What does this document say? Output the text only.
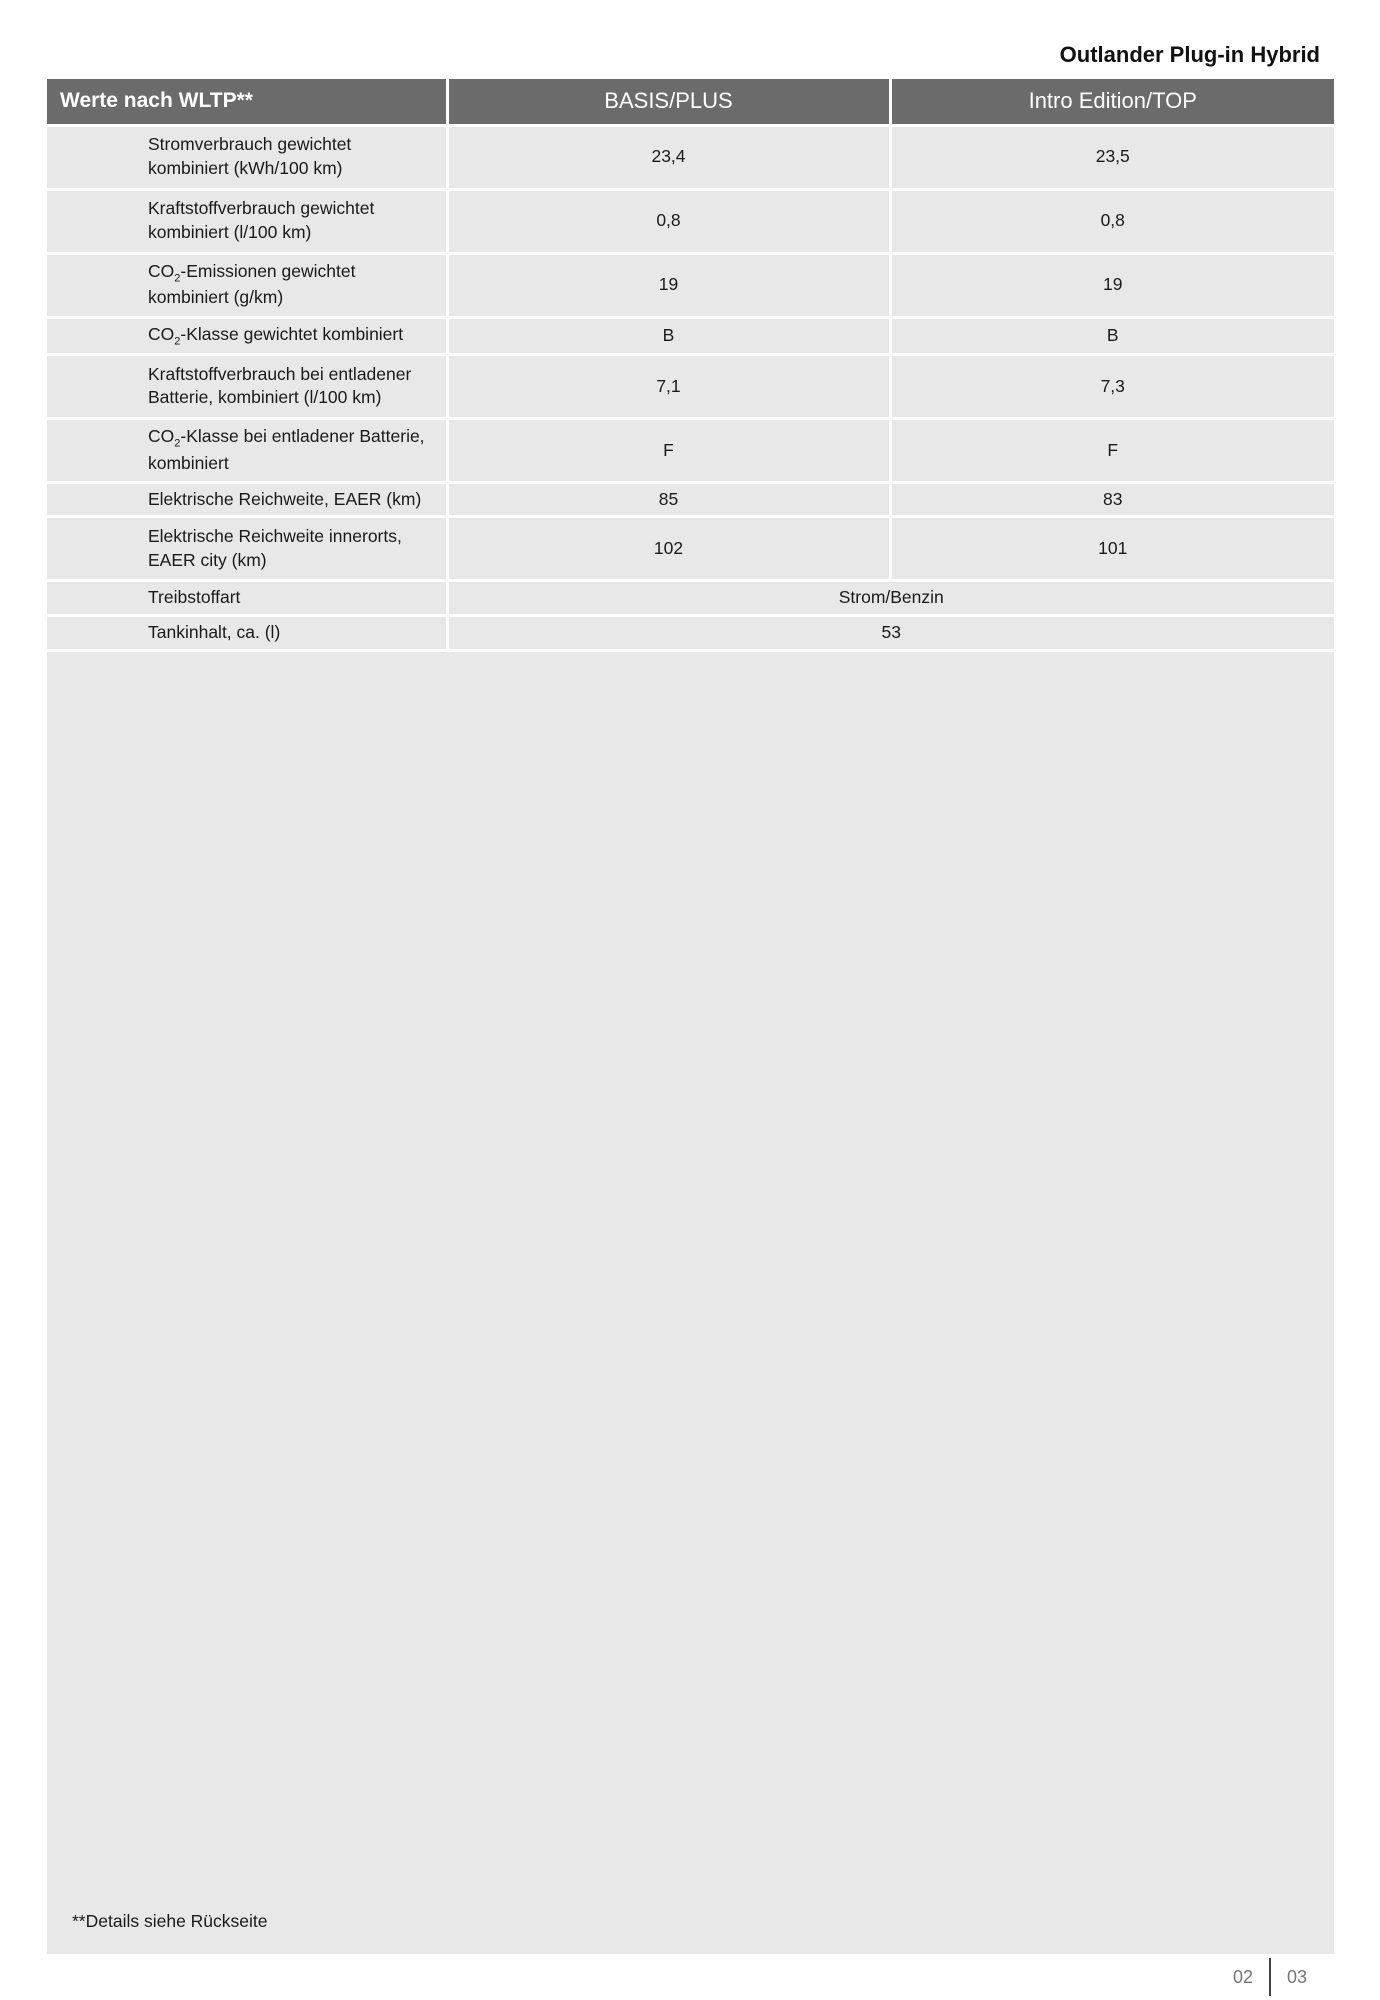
Outlander Plug-in Hybrid
Werte nach WLTP**	BASIS/PLUS	Intro Edition/TOP
Stromverbrauch gewichtet
kombiniert (kWh/100 km)	23,4	23,5
Kraftstoffverbrauch gewichtet
kombiniert (l/100 km)	0,8	0,8
$CO_2$-Emissionen gewichtet
kombiniert (g/km)	19	19
$CO_2$-Klasse gewichtet kombiniert	B	B
Kraftstoffverbrauch bei entladener
Batterie, kombiniert (l/100 km)	7,1	7,3
$CO_2$-Klasse bei entladener Batterie,
kombiniert	F	F
Elektrische Reichweite, EAER (km)	85	83
Elektrische Reichweite innerorts,
EAER city (km)	102	101
Treibstoffart	Strom/Benzin	
Tankinhalt, ca. (l)	53	
**Details siehe Rückseite
02 03
